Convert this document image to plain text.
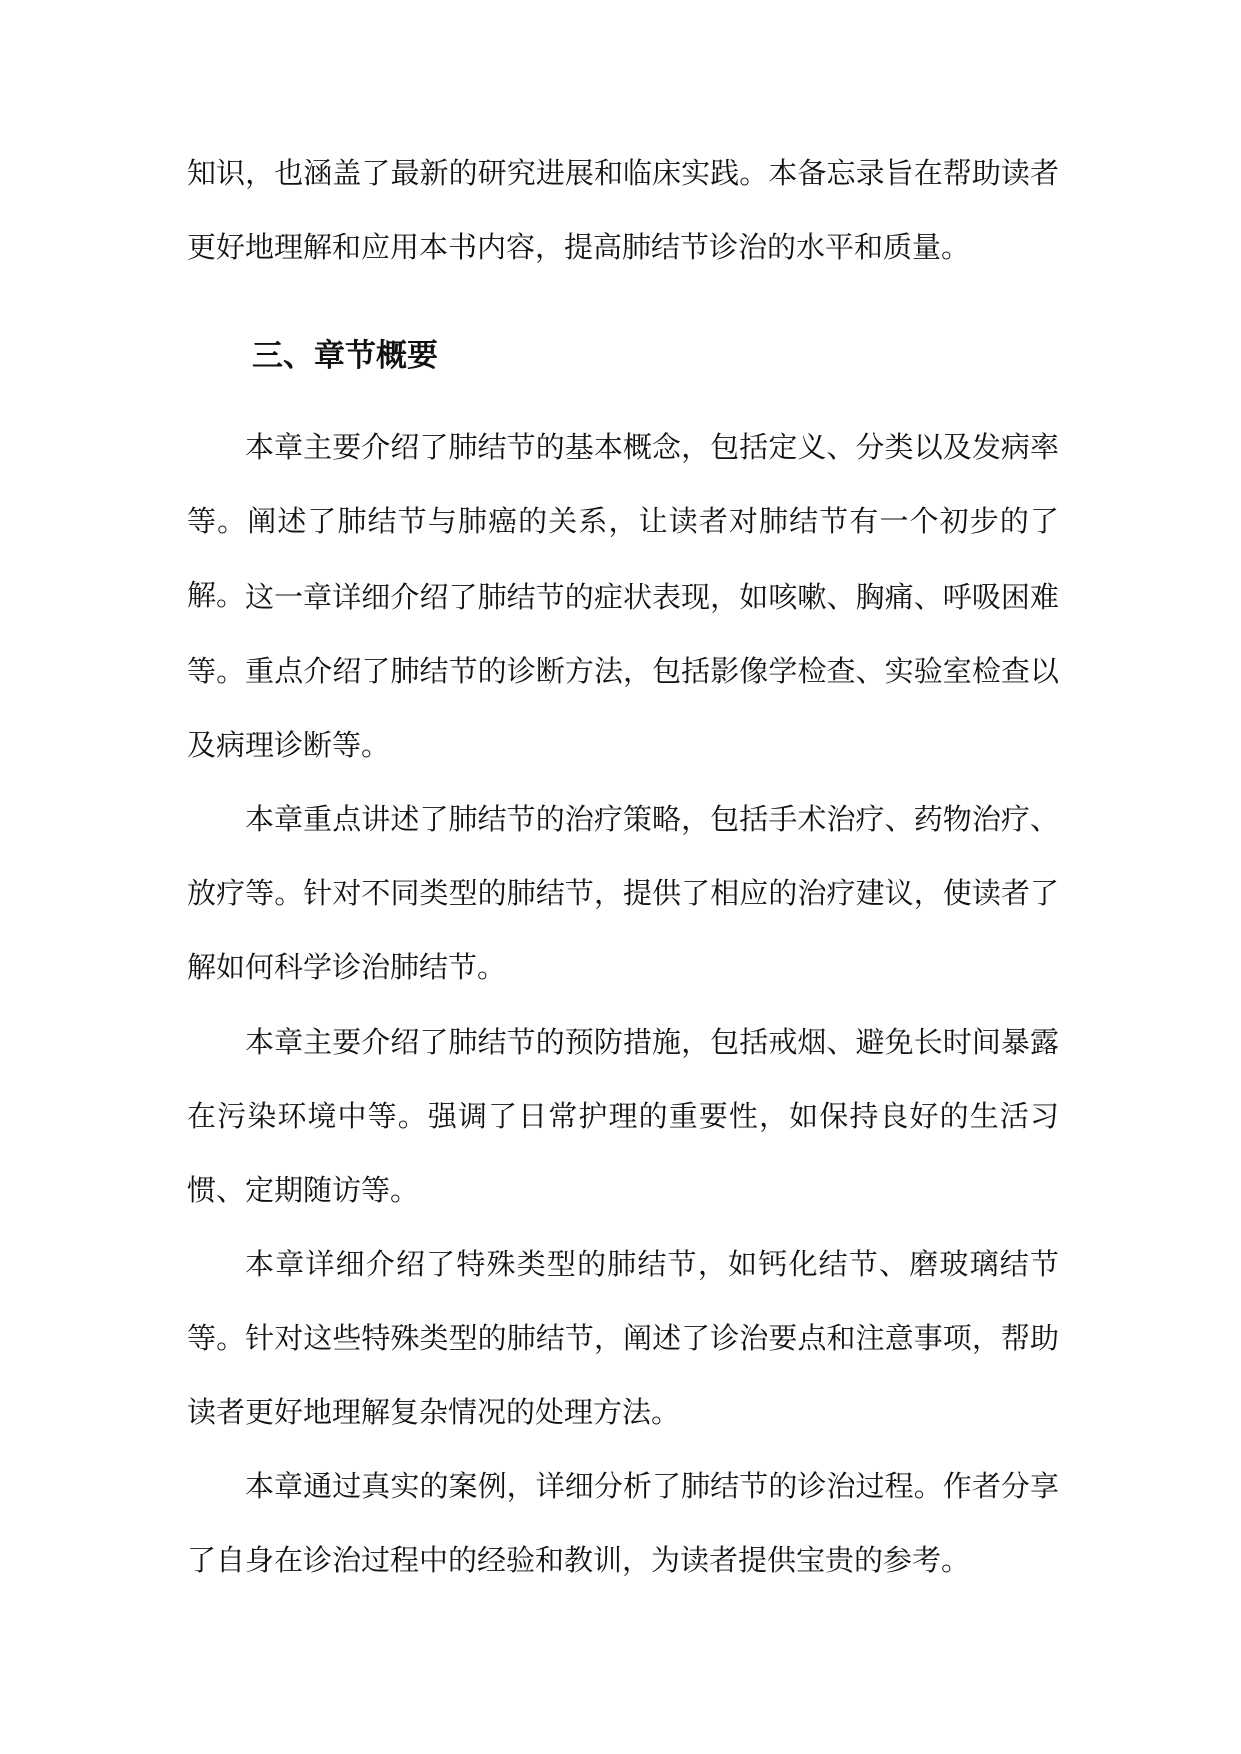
知识，也涵盖了最新的研究进展和临床实践。本备忘录旨在帮助读者更好地理解和应用本书内容，提高肺结节诊治的水平和质量。

三、章节概要

本章主要介绍了肺结节的基本概念，包括定义、分类以及发病率等。阐述了肺结节与肺癌的关系，让读者对肺结节有一个初步的了解。 这一章详细介绍了肺结节的症状表现，如咳嗽、胸痛、呼吸困难等。重点介绍了肺结节的诊断方法，包括影像学检查、实验室检查以及病理诊断等。

本章重点讲述了肺结节的治疗策略，包括手术治疗、药物治疗、放疗等。针对不同类型的肺结节，提供了相应的治疗建议，使读者了解如何科学诊治肺结节。

本章主要介绍了肺结节的预防措施，包括戒烟、避免长时间暴露在污染环境中等。强调了日常护理的重要性，如保持良好的生活习惯、定期随访等。

本章详细介绍了特殊类型的肺结节，如钙化结节、磨玻璃结节等。针对这些特殊类型的肺结节，阐述了诊治要点和注意事项，帮助读者更好地理解复杂情况的处理方法。

本章通过真实的案例，详细分析了肺结节的诊治过程。作者分享了自身在诊治过程中的经验和教训，为读者提供宝贵的参考。
